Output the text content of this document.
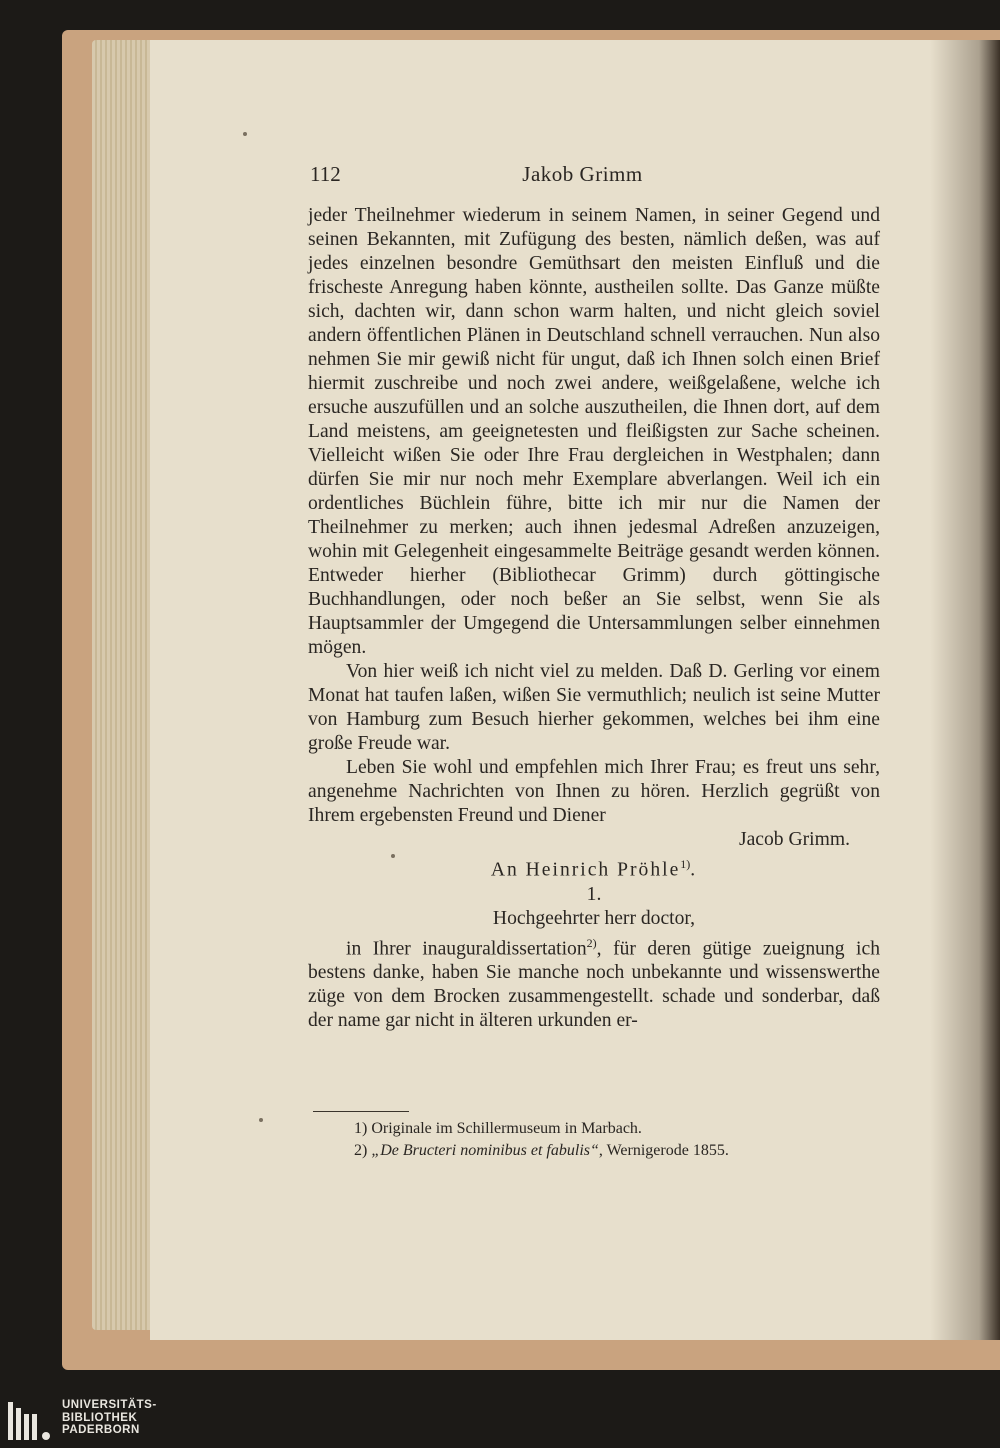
112	Jakob Grimm

jeder Theilnehmer wiederum in seinem Namen, in seiner Gegend und seinen Bekannten, mit Zufügung des besten, nämlich deßen, was auf jedes einzelnen besondre Gemüthsart den meisten Einfluß und die frischeste Anregung haben könnte, austheilen sollte. Das Ganze müßte sich, dachten wir, dann schon warm halten, und nicht gleich soviel andern öffentlichen Plänen in Deutschland schnell verrauchen. Nun also nehmen Sie mir gewiß nicht für ungut, daß ich Ihnen solch einen Brief hiermit zuschreibe und noch zwei andere, weißgelaßene, welche ich ersuche auszufüllen und an solche auszutheilen, die Ihnen dort, auf dem Land meistens, am geeignetesten und fleißigsten zur Sache scheinen. Vielleicht wißen Sie oder Ihre Frau dergleichen in Westphalen; dann dürfen Sie mir nur noch mehr Exemplare abverlangen. Weil ich ein ordentliches Büchlein führe, bitte ich mir nur die Namen der Theilnehmer zu merken; auch ihnen jedesmal Adreßen anzuzeigen, wohin mit Gelegenheit eingesammelte Beiträge gesandt werden können. Entweder hierher (Bibliothecar Grimm) durch göttingische Buchhandlungen, oder noch beßer an Sie selbst, wenn Sie als Hauptsammler der Umgegend die Untersammlungen selber einnehmen mögen.

Von hier weiß ich nicht viel zu melden. Daß D. Gerling vor einem Monat hat taufen laßen, wißen Sie vermuthlich; neulich ist seine Mutter von Hamburg zum Besuch hierher gekommen, welches bei ihm eine große Freude war.

Leben Sie wohl und empfehlen mich Ihrer Frau; es freut uns sehr, angenehme Nachrichten von Ihnen zu hören. Herzlich gegrüßt von Ihrem ergebensten Freund und Diener

Jacob Grimm.

An Heinrich Pröhle$^{1)}$.

1.

Hochgeehrter herr doctor,

in Ihrer inauguraldissertation$^{2)}$, für deren gütige zueignung ich bestens danke, haben Sie manche noch unbekannte und wissenswerthe züge von dem Brocken zusammengestellt. schade und sonderbar, daß der name gar nicht in älteren urkunden er-

1) Originale im Schillermuseum in Marbach.

2) „De Bructeri nominibus et fabulis“, Wernigerode 1855.

UNIVERSITÄTS-
BIBLIOTHEK
PADERBORN
